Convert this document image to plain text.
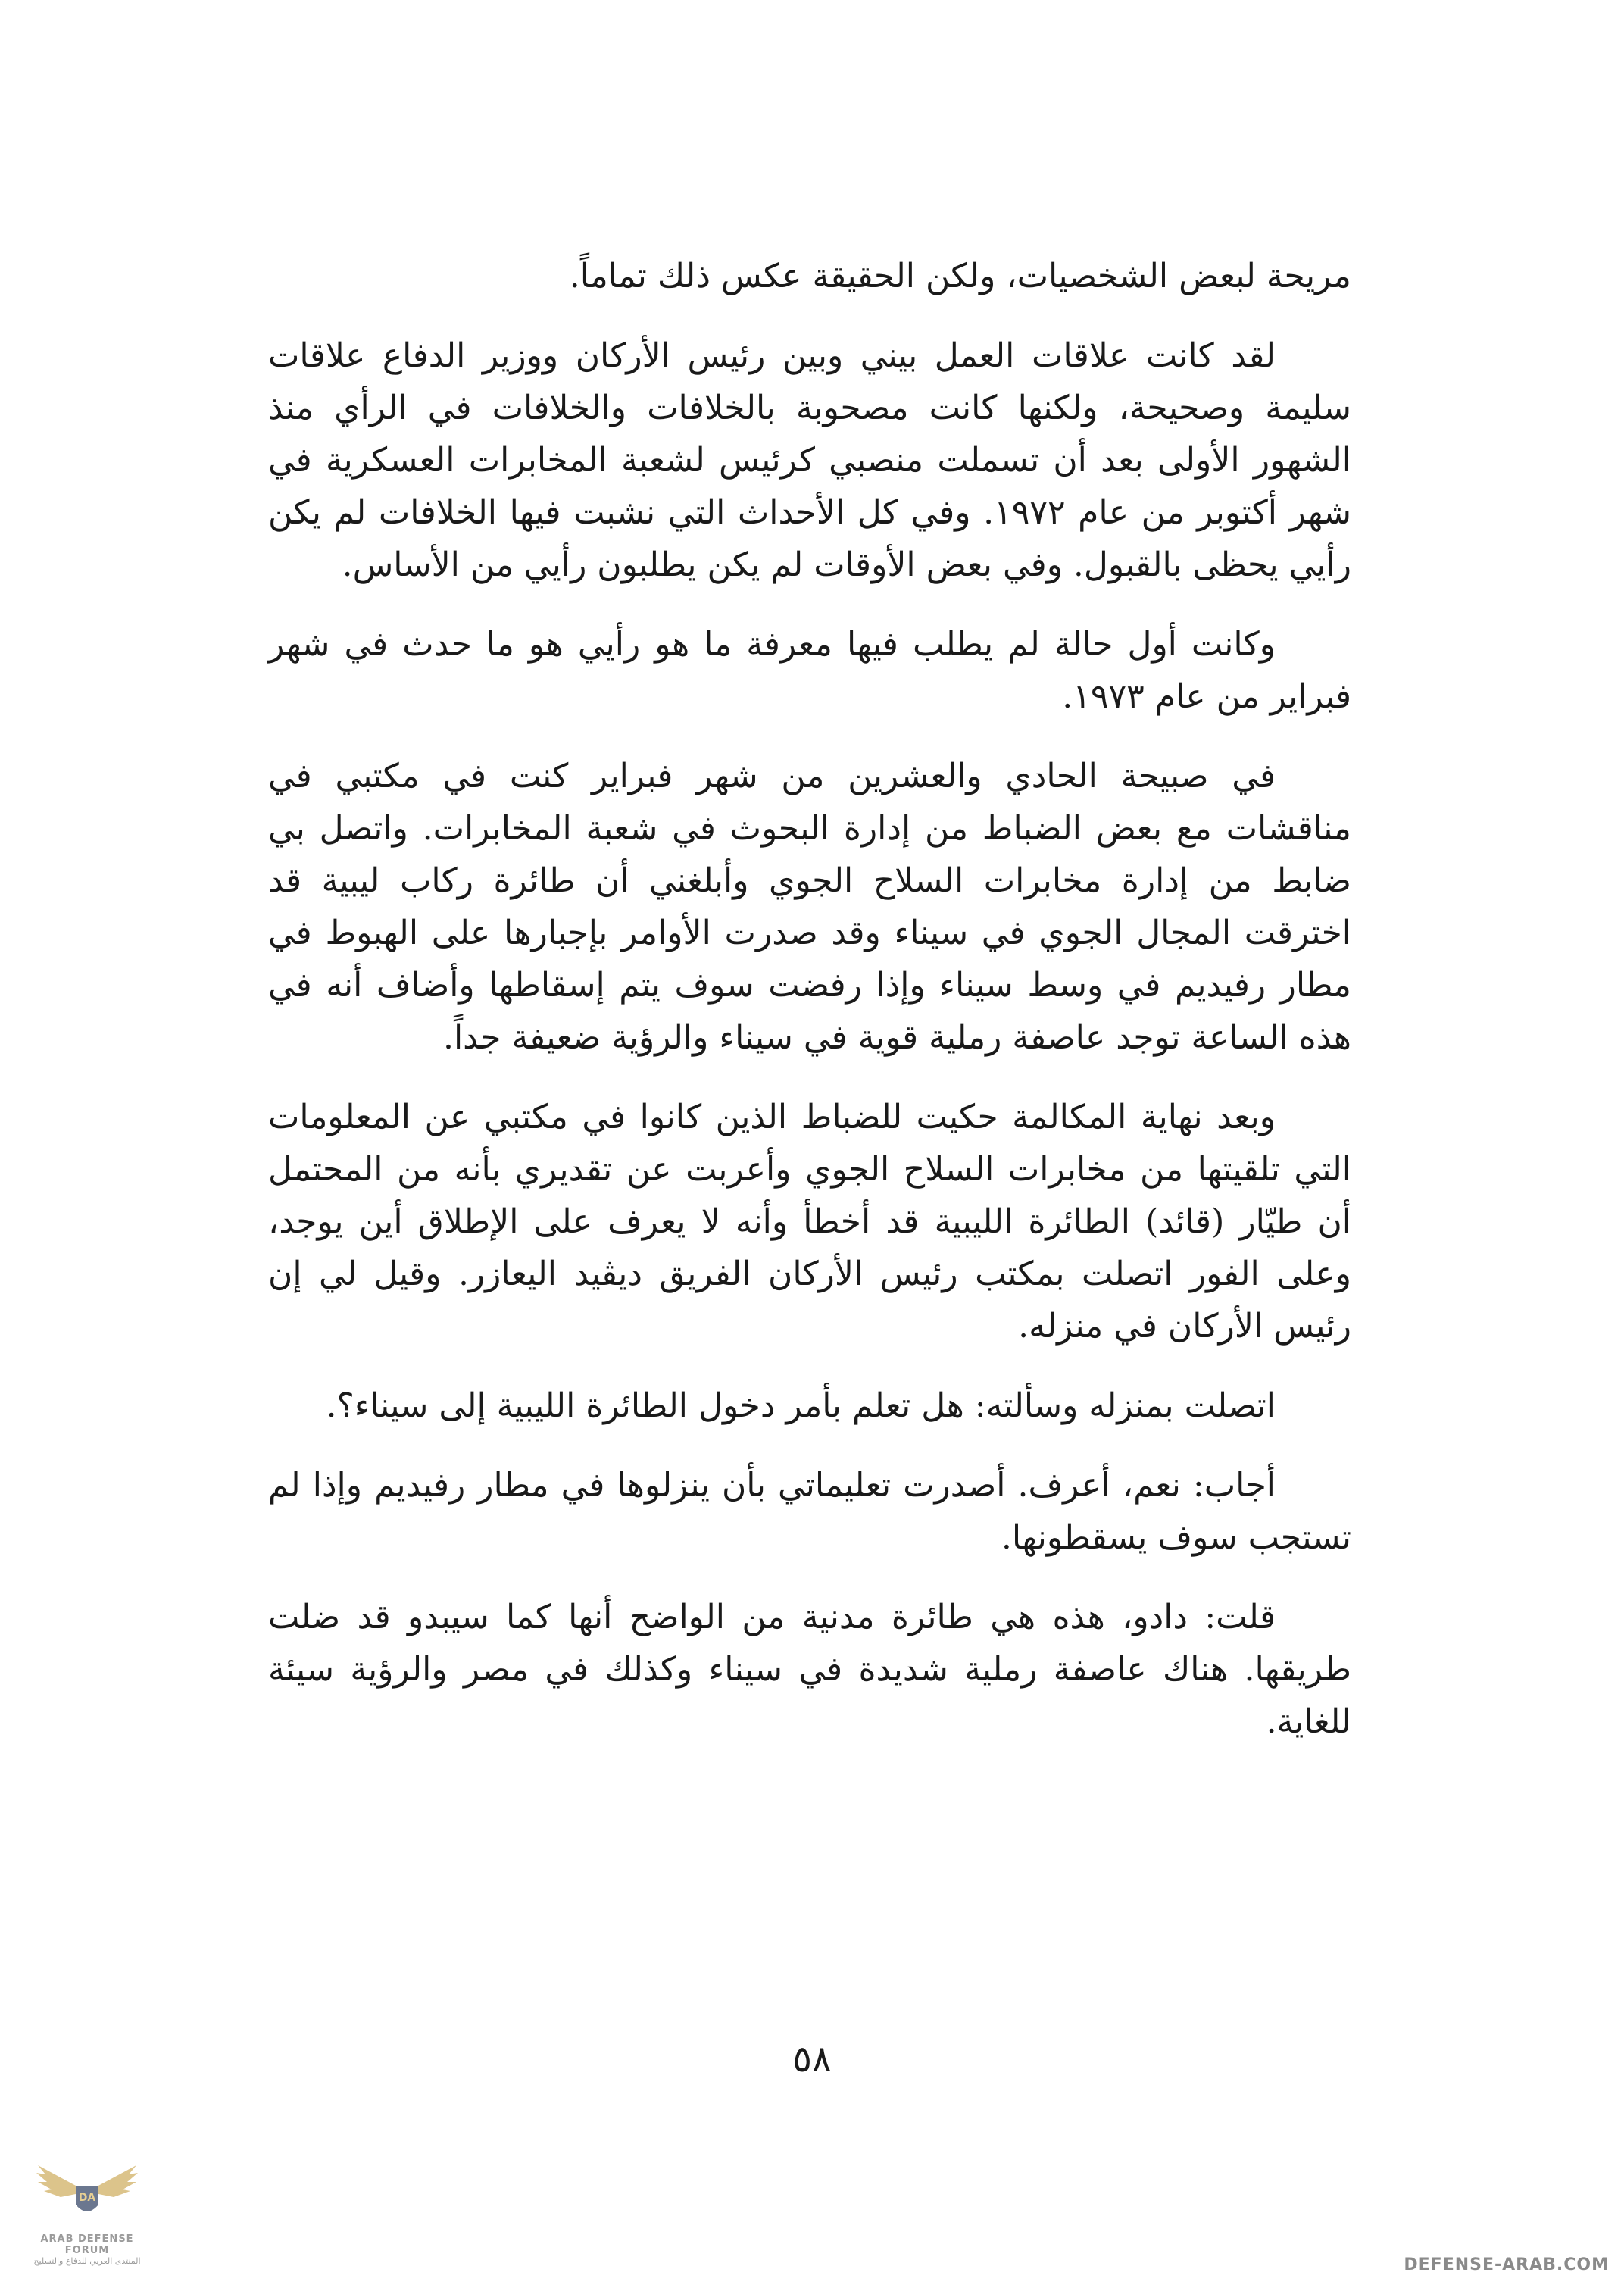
مريحة لبعض الشخصيات، ولكن الحقيقة عكس ذلك تماماً.

لقد كانت علاقات العمل بيني وبين رئيس الأركان ووزير الدفاع علاقات سليمة وصحيحة، ولكنها كانت مصحوبة بالخلافات والخلافات في الرأي منذ الشهور الأولى بعد أن تسملت منصبي كرئيس لشعبة المخابرات العسكرية في شهر أكتوبر من عام ١٩٧٢. وفي كل الأحداث التي نشبت فيها الخلافات لم يكن رأيي يحظى بالقبول. وفي بعض الأوقات لم يكن يطلبون رأيي من الأساس.

وكانت أول حالة لم يطلب فيها معرفة ما هو رأيي هو ما حدث في شهر فبراير من عام ١٩٧٣.

في صبيحة الحادي والعشرين من شهر فبراير كنت في مكتبي في مناقشات مع بعض الضباط من إدارة البحوث في شعبة المخابرات. واتصل بي ضابط من إدارة مخابرات السلاح الجوي وأبلغني أن طائرة ركاب ليبية قد اخترقت المجال الجوي في سيناء وقد صدرت الأوامر بإجبارها على الهبوط في مطار رفيديم في وسط سيناء وإذا رفضت سوف يتم إسقاطها وأضاف أنه في هذه الساعة توجد عاصفة رملية قوية في سيناء والرؤية ضعيفة جداً.

وبعد نهاية المكالمة حكيت للضباط الذين كانوا في مكتبي عن المعلومات التي تلقيتها من مخابرات السلاح الجوي وأعربت عن تقديري بأنه من المحتمل أن طيّار (قائد) الطائرة الليبية قد أخطأ وأنه لا يعرف على الإطلاق أين يوجد، وعلى الفور اتصلت بمكتب رئيس الأركان الفريق ديڤيد اليعازر. وقيل لي إن رئيس الأركان في منزله.

اتصلت بمنزله وسألته: هل تعلم بأمر دخول الطائرة الليبية إلى سيناء؟.

أجاب: نعم، أعرف. أصدرت تعليماتي بأن ينزلوها في مطار رفيديم وإذا لم تستجب سوف يسقطونها.

قلت: دادو، هذه هي طائرة مدنية من الواضح أنها كما سيبدو قد ضلت طريقها. هناك عاصفة رملية شديدة في سيناء وكذلك في مصر والرؤية سيئة للغاية.

٥٨
DA
ARAB DEFENSE FORUM
المنتدى العربي للدفاع والتسليح	DEFENSE-ARAB.COM
